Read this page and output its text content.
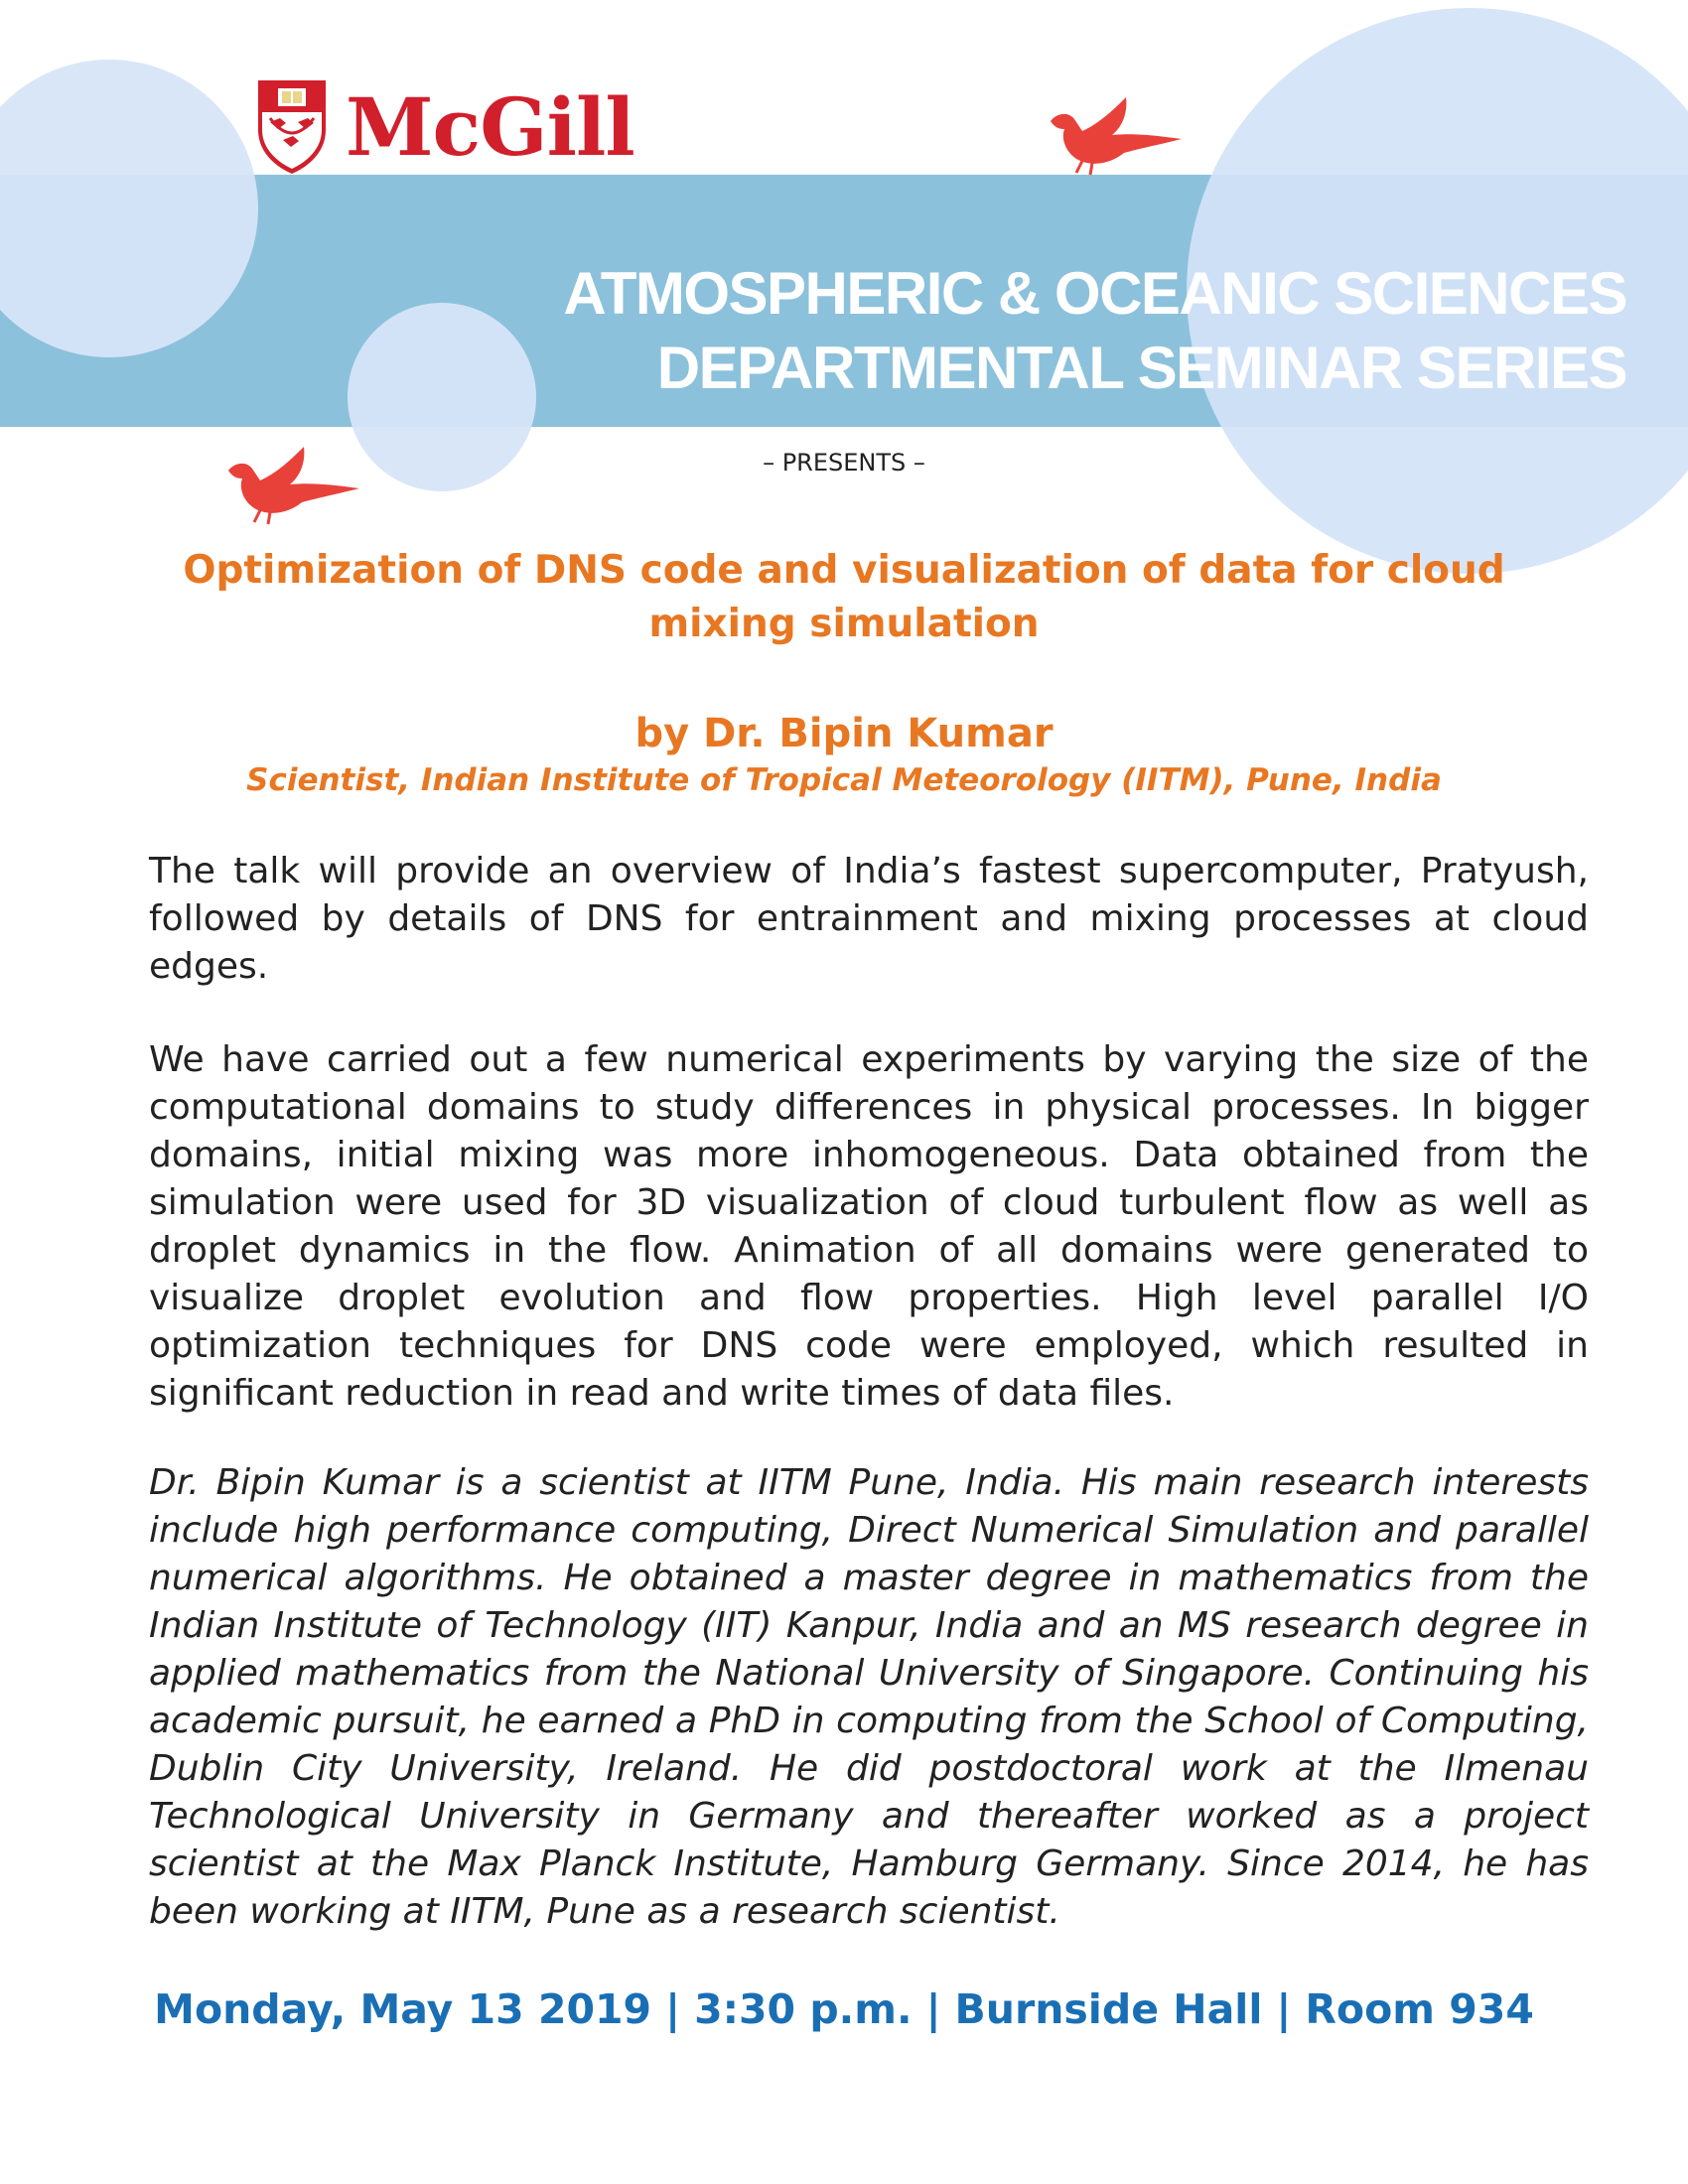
McGill
ATMOSPHERIC & OCEANIC SCIENCES
DEPARTMENTAL SEMINAR SERIES
– PRESENTS –
Optimization of DNS code and visualization of data for cloud mixing simulation
by Dr. Bipin Kumar
Scientist, Indian Institute of Tropical Meteorology (IITM), Pune, India

The talk will provide an overview of India’s fastest supercomputer, Pratyush, followed by details of DNS for entrainment and mixing processes at cloud edges.

We have carried out a few numerical experiments by varying the size of the computational domains to study differences in physical processes. In bigger domains, initial mixing was more inhomogeneous. Data obtained from the simulation were used for 3D visualization of cloud turbulent flow as well as droplet dynamics in the flow. Animation of all domains were generated to visualize droplet evolution and flow properties. High level parallel I/O optimization techniques for DNS code were employed, which resulted in significant reduction in read and write times of data files.

Dr. Bipin Kumar is a scientist at IITM Pune, India. His main research interests include high performance computing, Direct Numerical Simulation and parallel numerical algorithms. He obtained a master degree in mathematics from the Indian Institute of Technology (IIT) Kanpur, India and an MS research degree in applied mathematics from the National University of Singapore. Continuing his academic pursuit, he earned a PhD in computing from the School of Computing, Dublin City University, Ireland. He did postdoctoral work at the Ilmenau Technological University in Germany and thereafter worked as a project scientist at the Max Planck Institute, Hamburg Germany. Since 2014, he has been working at IITM, Pune as a research scientist.

Monday, May 13 2019 | 3:30 p.m. | Burnside Hall | Room 934
